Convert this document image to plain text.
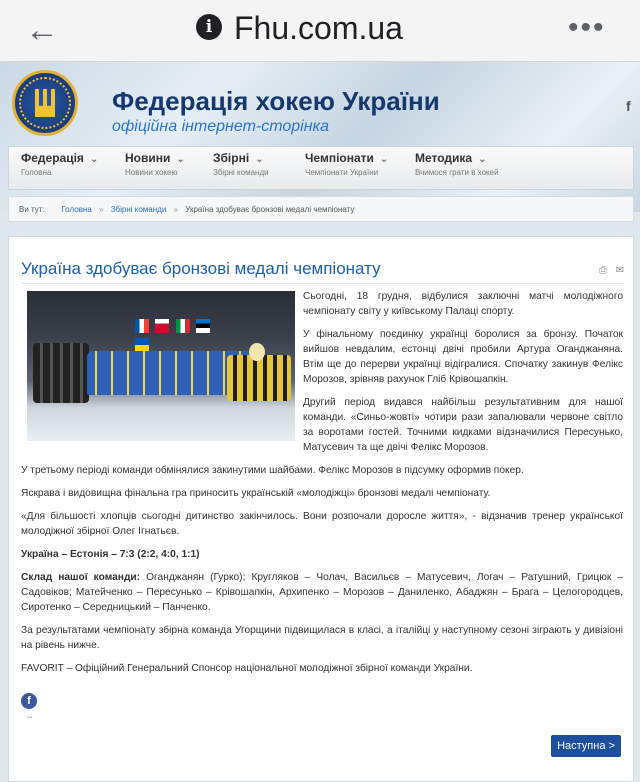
←	i Fhu.com.ua	•••
Федерація хокею України
офіційна інтернет-сторінка
f
Федерація ⌄
Головна
Новини ⌄
Новини хокею
Збірні ⌄
Збірні команди
Чемпіонати ⌄
Чемпіонати України
Методика ⌄
Вчимося грати в хокей
Ви тут: Головна » Збірні команди » Україна здобуває бронзові медалі чемпіонату
Україна здобуває бронзові медалі чемпіонату	⎙ ✉

Сьогодні, 18 грудня, відбулися заключні матчі молодіжного чемпіонату світу у київському Палаці спорту.

У фінальному поєдинку українці боролися за бронзу. Початок вийшов невдалим, естонці двічі пробили Артура Оганджаняна. Втім ще до перерви українці відігралися. Спочатку закинув Фелікс Морозов, зрівняв рахунок Гліб Крівошапкін.

Другий період видався найбільш результативним для нашої команди. «Синьо-жовті» чотири рази запалювали червоне світло за воротами гостей. Точними кидками відзначилися Пересунько, Матусевич та ще двічі Фелікс Морозов.

У третьому періоді команди обмінялися закинутими шайбами. Фелікс Морозов в підсумку оформив покер.

Яскрава і видовищна фінальна гра приносить українській «молодіжці» бронзові медалі чемпіонату.

«Для більшості хлопців сьогодні дитинство закінчилось. Вони розпочали доросле життя», - відзначив тренер української молодіжної збірної Олег Ігнатьєв.

Україна – Естонія – 7:3 (2:2, 4:0, 1:1)

Склад нашої команди: Оганджанян (Гурко); Кругляков – Чолач, Васильєв – Матусевич, Логач – Ратушний, Грицюк – Садовіков; Матейченко – Пересунько – Крівошапкін, Архипенко – Морозов – Даниленко, Абаджян – Брага – Целогородцев, Сиротенко – Середницький – Панченко.

За результатами чемпіонату збірна команда Угорщини підвищилася в класі, а італійці у наступному сезоні зіграють у дивізіоні на рівень нижче.

FAVORIT – Офіційний Генеральний Спонсор національної молодіжної збірної команди України.

f
•••
Наступна >
